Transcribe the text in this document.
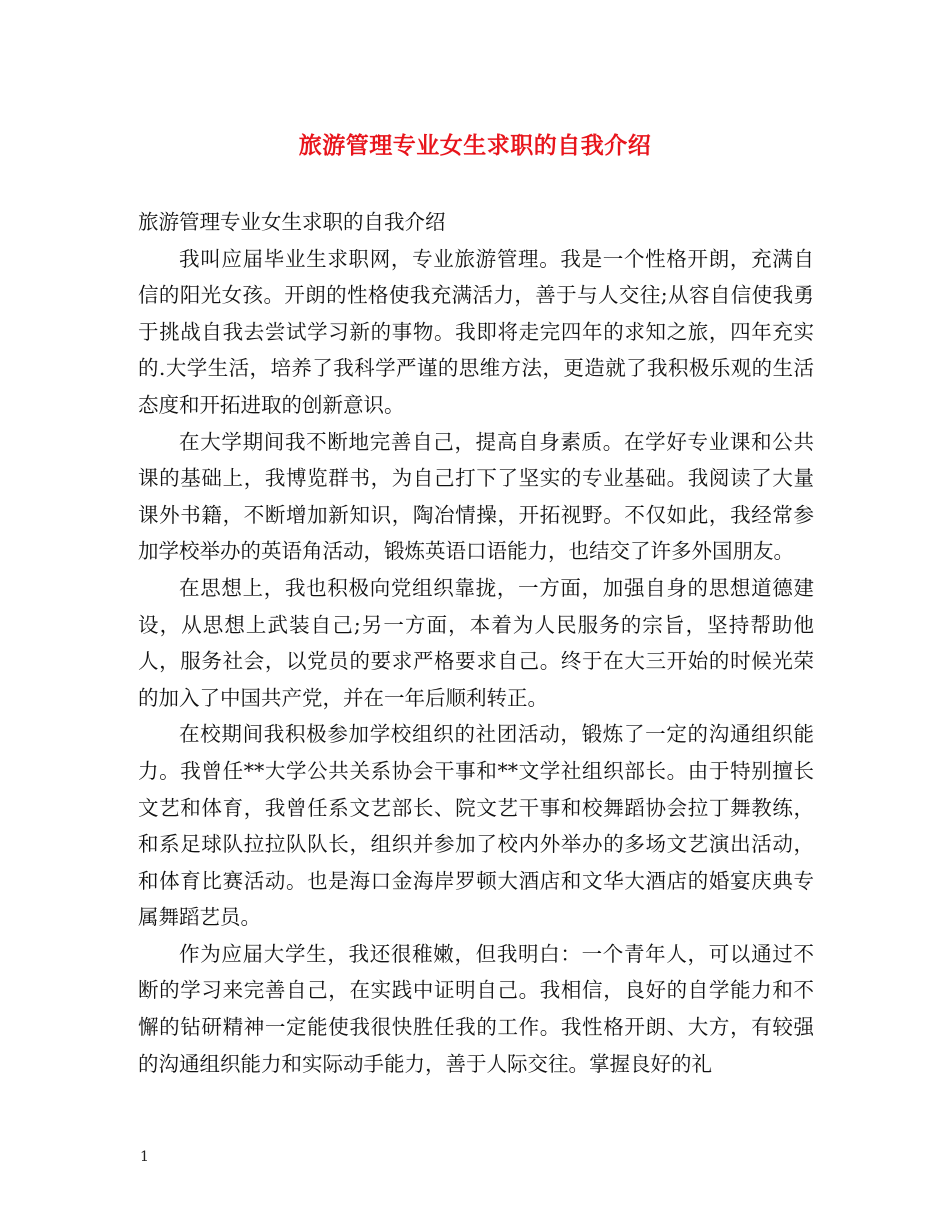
旅游管理专业女生求职的自我介绍

旅游管理专业女生求职的自我介绍

我叫应届毕业生求职网，专业旅游管理。我是一个性格开朗，充满自信的阳光女孩。开朗的性格使我充满活力，善于与人交往;从容自信使我勇于挑战自我去尝试学习新的事物。我即将走完四年的求知之旅，四年充实的.大学生活，培养了我科学严谨的思维方法，更造就了我积极乐观的生活态度和开拓进取的创新意识。

在大学期间我不断地完善自己，提高自身素质。在学好专业课和公共课的基础上，我博览群书，为自己打下了坚实的专业基础。我阅读了大量课外书籍，不断增加新知识，陶冶情操，开拓视野。不仅如此，我经常参加学校举办的英语角活动，锻炼英语口语能力，也结交了许多外国朋友。

在思想上，我也积极向党组织靠拢，一方面，加强自身的思想道德建设，从思想上武装自己;另一方面，本着为人民服务的宗旨，坚持帮助他人，服务社会，以党员的要求严格要求自己。终于在大三开始的时候光荣的加入了中国共产党，并在一年后顺利转正。

在校期间我积极参加学校组织的社团活动，锻炼了一定的沟通组织能力。我曾任**大学公共关系协会干事和**文学社组织部长。由于特别擅长文艺和体育，我曾任系文艺部长、院文艺干事和校舞蹈协会拉丁舞教练，和系足球队拉拉队队长，组织并参加了校内外举办的多场文艺演出活动，和体育比赛活动。也是海口金海岸罗顿大酒店和文华大酒店的婚宴庆典专属舞蹈艺员。

作为应届大学生，我还很稚嫩，但我明白：一个青年人，可以通过不断的学习来完善自己，在实践中证明自己。我相信，良好的自学能力和不懈的钻研精神一定能使我很快胜任我的工作。我性格开朗、大方，有较强的沟通组织能力和实际动手能力，善于人际交往。掌握良好的礼

1
